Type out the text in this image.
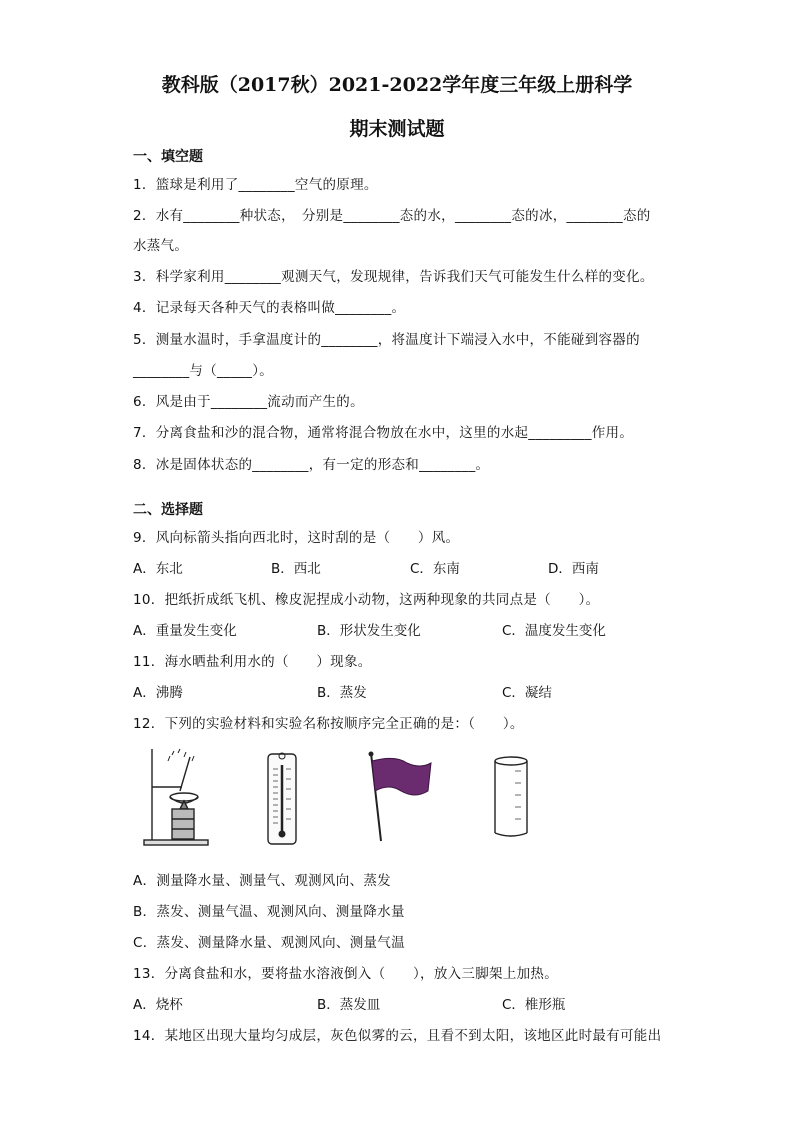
教科版（2017秋）2021-2022学年度三年级上册科学
期末测试题
一、填空题
1．篮球是利用了________空气的原理。
2．水有________种状态，　分别是________态的水，________态的冰，________态的
水蒸气。
3．科学家利用________观测天气，发现规律，告诉我们天气可能发生什么样的变化。
4．记录每天各种天气的表格叫做________。
5．测量水温时，手拿温度计的________，将温度计下端浸入水中，不能碰到容器的
________与（_____）。
6．风是由于________流动而产生的。
7．分离食盐和沙的混合物，通常将混合物放在水中，这里的水起_________作用。
8．冰是固体状态的________，有一定的形态和________。
二、选择题
9．风向标箭头指向西北时，这时刮的是（　　）风。
A．东北	B．西北	C．东南	D．西南
10．把纸折成纸飞机、橡皮泥捏成小动物，这两种现象的共同点是（　　）。
A．重量发生变化	B．形状发生变化	C．温度发生变化
11．海水晒盐利用水的（　　）现象。
A．沸腾	B．蒸发	C．凝结
12．下列的实验材料和实验名称按顺序完全正确的是：（　　）。
A．测量降水量、测量气、观测风向、蒸发
B．蒸发、测量气温、观测风向、测量降水量
C．蒸发、测量降水量、观测风向、测量气温
13．分离食盐和水，要将盐水溶液倒入（　　），放入三脚架上加热。
A．烧杯	B．蒸发皿	C．椎形瓶
14．某地区出现大量均匀成层，灰色似雾的云，且看不到太阳，该地区此时最有可能出
